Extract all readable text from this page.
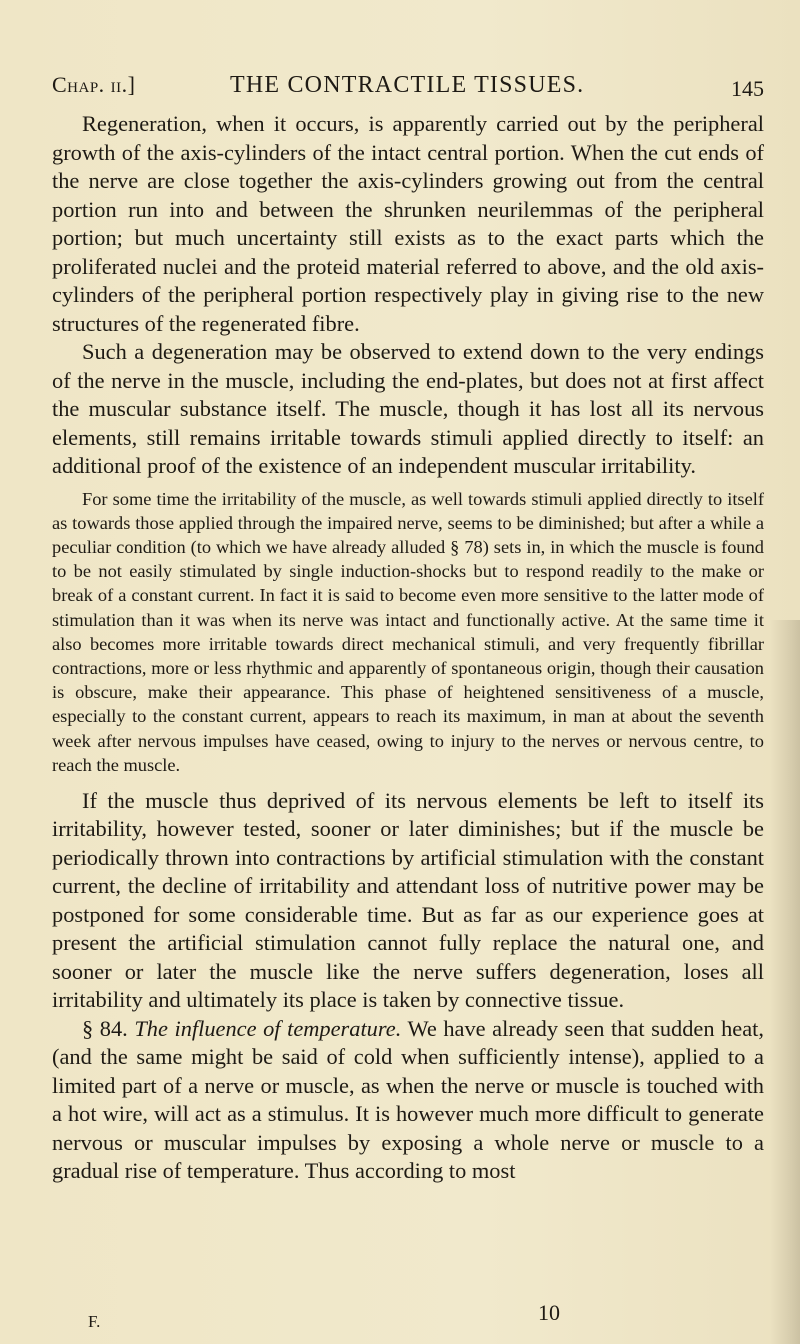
Chap. ii.]	THE CONTRACTILE TISSUES.	145

Regeneration, when it occurs, is apparently carried out by the peripheral growth of the axis-cylinders of the intact central portion. When the cut ends of the nerve are close together the axis-cylinders growing out from the central portion run into and between the shrunken neurilemmas of the peripheral portion; but much uncertainty still exists as to the exact parts which the proliferated nuclei and the proteid material referred to above, and the old axis-cylinders of the peripheral portion respectively play in giving rise to the new structures of the regenerated fibre.

Such a degeneration may be observed to extend down to the very endings of the nerve in the muscle, including the end-plates, but does not at first affect the muscular substance itself. The muscle, though it has lost all its nervous elements, still remains irritable towards stimuli applied directly to itself: an additional proof of the existence of an independent muscular irritability.

For some time the irritability of the muscle, as well towards stimuli applied directly to itself as towards those applied through the impaired nerve, seems to be diminished; but after a while a peculiar condition (to which we have already alluded § 78) sets in, in which the muscle is found to be not easily stimulated by single induction-shocks but to respond readily to the make or break of a constant current. In fact it is said to become even more sensitive to the latter mode of stimulation than it was when its nerve was intact and functionally active. At the same time it also becomes more irritable towards direct mechanical stimuli, and very frequently fibrillar contractions, more or less rhythmic and apparently of spontaneous origin, though their causation is obscure, make their appearance. This phase of heightened sensitiveness of a muscle, especially to the constant current, appears to reach its maximum, in man at about the seventh week after nervous impulses have ceased, owing to injury to the nerves or nervous centre, to reach the muscle.

If the muscle thus deprived of its nervous elements be left to itself its irritability, however tested, sooner or later diminishes; but if the muscle be periodically thrown into contractions by artificial stimulation with the constant current, the decline of irritability and attendant loss of nutritive power may be postponed for some considerable time. But as far as our experience goes at present the artificial stimulation cannot fully replace the natural one, and sooner or later the muscle like the nerve suffers degeneration, loses all irritability and ultimately its place is taken by connective tissue.

§ 84. The influence of temperature. We have already seen that sudden heat, (and the same might be said of cold when sufficiently intense), applied to a limited part of a nerve or muscle, as when the nerve or muscle is touched with a hot wire, will act as a stimulus. It is however much more difficult to generate nervous or muscular impulses by exposing a whole nerve or muscle to a gradual rise of temperature. Thus according to most

F.	10
